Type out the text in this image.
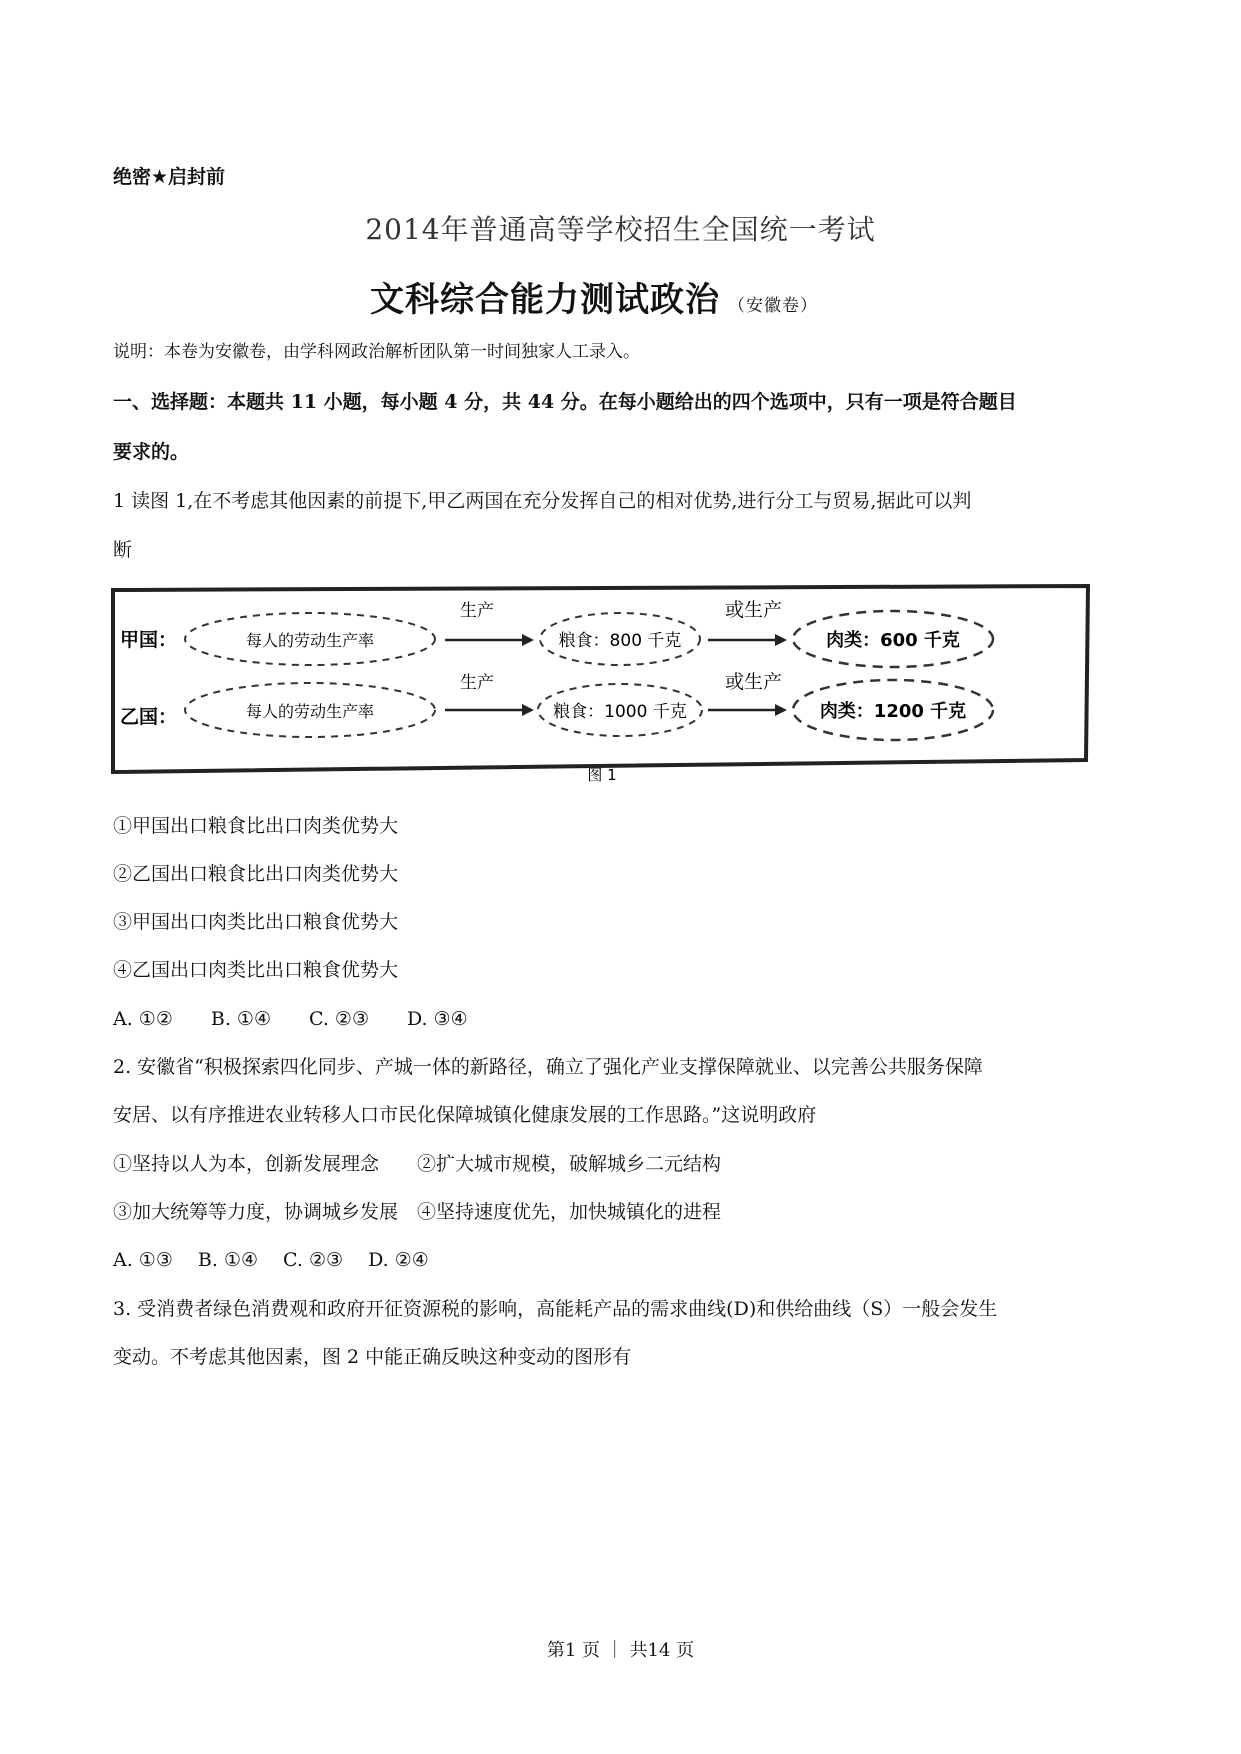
绝密★启封前
2014年普通高等学校招生全国统一考试
文科综合能力测试政治 （安徽卷）
说明：本卷为安徽卷，由学科网政治解析团队第一时间独家人工录入。
一、选择题：本题共 11 小题，每小题 4 分，共 44 分。在每小题给出的四个选项中，只有一项是符合题目
要求的。
1 读图 1,在不考虑其他因素的前提下,甲乙两国在充分发挥自己的相对优势,进行分工与贸易,据此可以判
断
甲国：	每人的劳动生产率
生产
粮食：800 千克
或生产
肉类：600 千克
乙国：	每人的劳动生产率
生产
粮食：1000 千克
或生产
肉类：1200 千克
图 1
①甲国出口粮食比出口肉类优势大
②乙国出口粮食比出口肉类优势大
③甲国出口肉类比出口粮食优势大
④乙国出口肉类比出口粮食优势大
A. ①②　　B. ①④　　C. ②③　　D. ③④
2. 安徽省“积极探索四化同步、产城一体的新路径，确立了强化产业支撑保障就业、以完善公共服务保障
安居、以有序推进农业转移人口市民化保障城镇化健康发展的工作思路。”这说明政府
①坚持以人为本，创新发展理念　　②扩大城市规模，破解城乡二元结构
③加大统筹等力度，协调城乡发展　④坚持速度优先，加快城镇化的进程
A. ①③　 B. ①④　 C. ②③　 D. ②④
3. 受消费者绿色消费观和政府开征资源税的影响，高能耗产品的需求曲线(D)和供给曲线（S）一般会发生
变动。不考虑其他因素，图 2 中能正确反映这种变动的图形有
第1 页 ｜ 共14 页
